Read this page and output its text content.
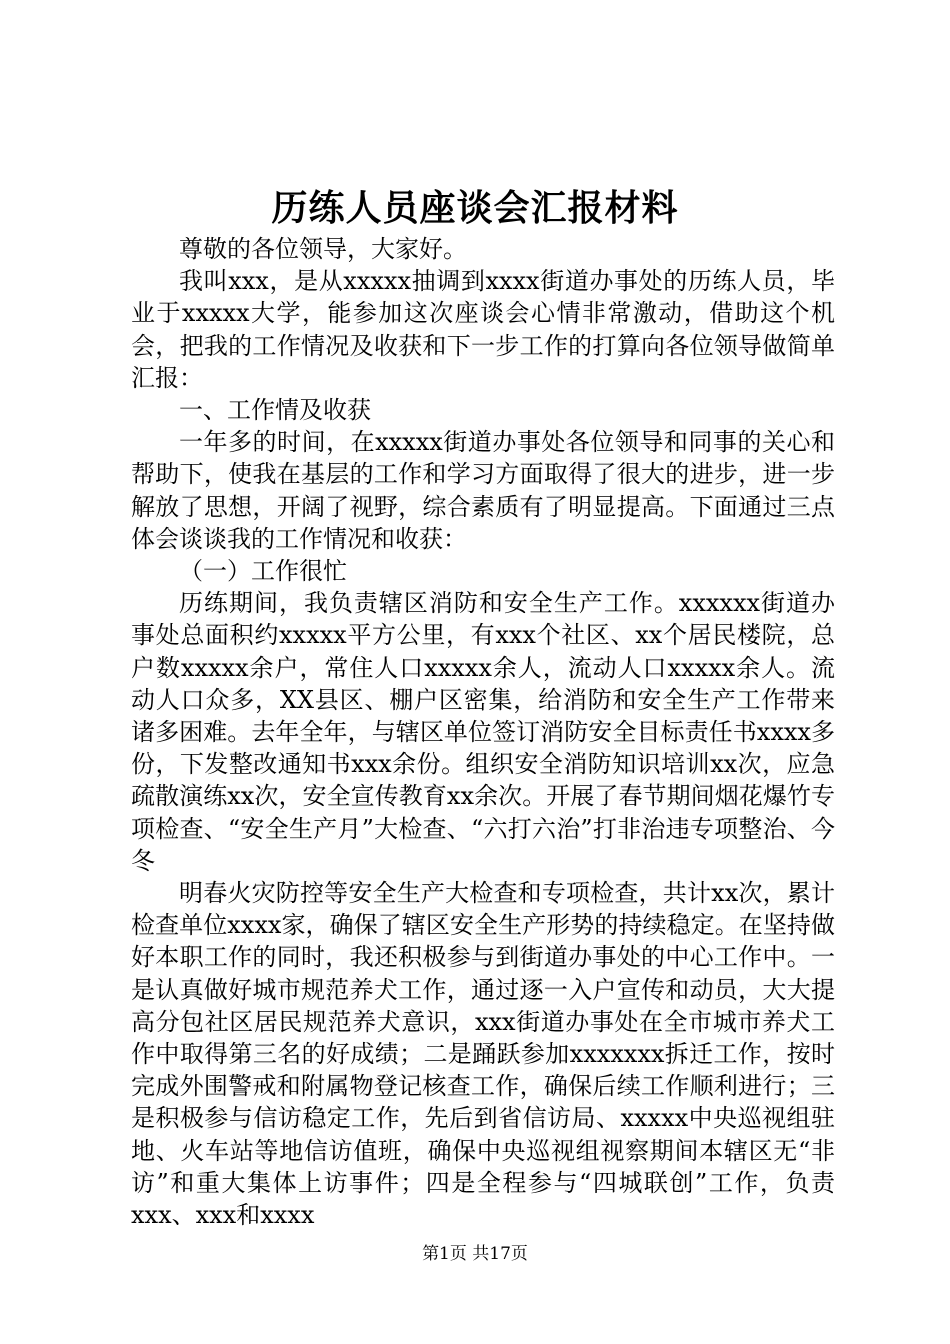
历练人员座谈会汇报材料

尊敬的各位领导，大家好。

我叫xxx，是从xxxxx抽调到xxxx街道办事处的历练人员，毕业于xxxxx大学，能参加这次座谈会心情非常激动，借助这个机会，把我的工作情况及收获和下一步工作的打算向各位领导做简单汇报：

一、工作情及收获

一年多的时间，在xxxxx街道办事处各位领导和同事的关心和帮助下，使我在基层的工作和学习方面取得了很大的进步，进一步解放了思想，开阔了视野，综合素质有了明显提高。下面通过三点体会谈谈我的工作情况和收获：

（一）工作很忙

历练期间，我负责辖区消防和安全生产工作。xxxxxx街道办事处总面积约xxxxx平方公里，有xxx个社区、xx个居民楼院，总户数xxxxx余户，常住人口xxxxx余人，流动人口xxxxx余人。流动人口众多，XX县区、棚户区密集，给消防和安全生产工作带来诸多困难。去年全年，与辖区单位签订消防安全目标责任书xxxx多份，下发整改通知书xxx余份。组织安全消防知识培训xx次，应急疏散演练xx次，安全宣传教育xx余次。开展了春节期间烟花爆竹专项检查、“安全生产月”大检查、“六打六治”打非治违专项整治、今冬

明春火灾防控等安全生产大检查和专项检查，共计xx次，累计检查单位xxxx家，确保了辖区安全生产形势的持续稳定。在坚持做好本职工作的同时，我还积极参与到街道办事处的中心工作中。一是认真做好城市规范养犬工作，通过逐一入户宣传和动员，大大提高分包社区居民规范养犬意识，xxx街道办事处在全市城市养犬工作中取得第三名的好成绩；二是踊跃参加xxxxxxx拆迁工作，按时完成外围警戒和附属物登记核查工作，确保后续工作顺利进行；三是积极参与信访稳定工作，先后到省信访局、xxxxx中央巡视组驻地、火车站等地信访值班，确保中央巡视组视察期间本辖区无“非访”和重大集体上访事件；四是全程参与“四城联创”工作，负责xxx、xxx和xxxx

第1页 共17页
